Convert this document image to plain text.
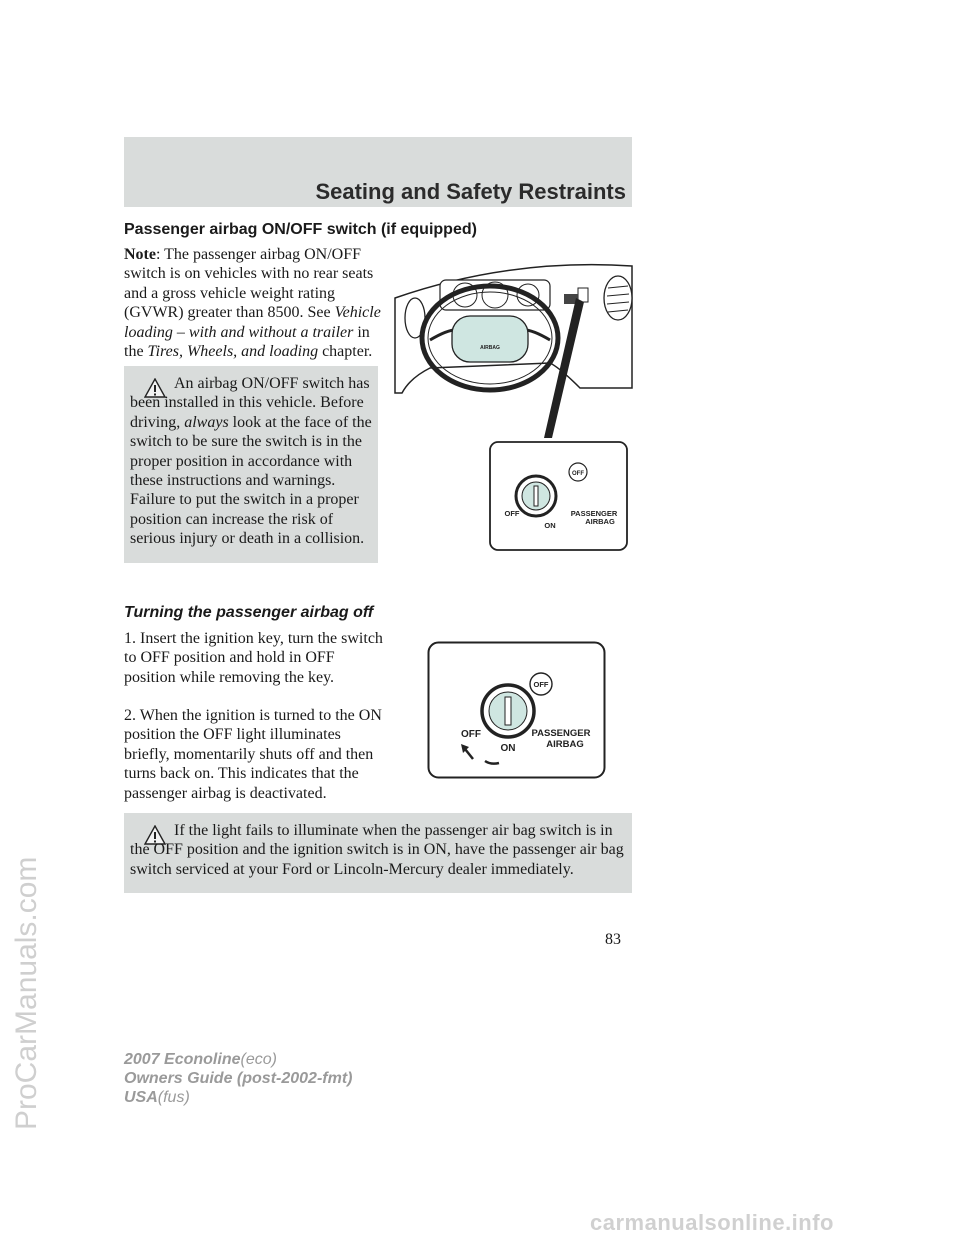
Seating and Safety Restraints
Passenger airbag ON/OFF switch (if equipped)
Note: The passenger airbag ON/OFF switch is on vehicles with no rear seats and a gross vehicle weight rating (GVWR) greater than 8500. See Vehicle loading – with and without a trailer in the Tires, Wheels, and loading chapter.
An airbag ON/OFF switch has been installed in this vehicle. Before driving, always look at the face of the switch to be sure the switch is in the proper position in accordance with these instructions and warnings. Failure to put the switch in a proper position can increase the risk of serious injury or death in a collision.
AIRBAG
OFF
OFF
ON
PASSENGER
AIRBAG
Turning the passenger airbag off
1. Insert the ignition key, turn the switch to OFF position and hold in OFF position while removing the key.
2. When the ignition is turned to the ON position the OFF light illuminates briefly, momentarily shuts off and then turns back on. This indicates that the passenger airbag is deactivated.
OFF
OFF
ON
PASSENGER
AIRBAG
If the light fails to illuminate when the passenger air bag switch is in the OFF position and the ignition switch is in ON, have the passenger air bag switch serviced at your Ford or Lincoln-Mercury dealer immediately.
83
2007 Econoline(eco)
Owners Guide (post-2002-fmt)
USA(fus)
ProCarManuals.com
carmanualsonline.info
